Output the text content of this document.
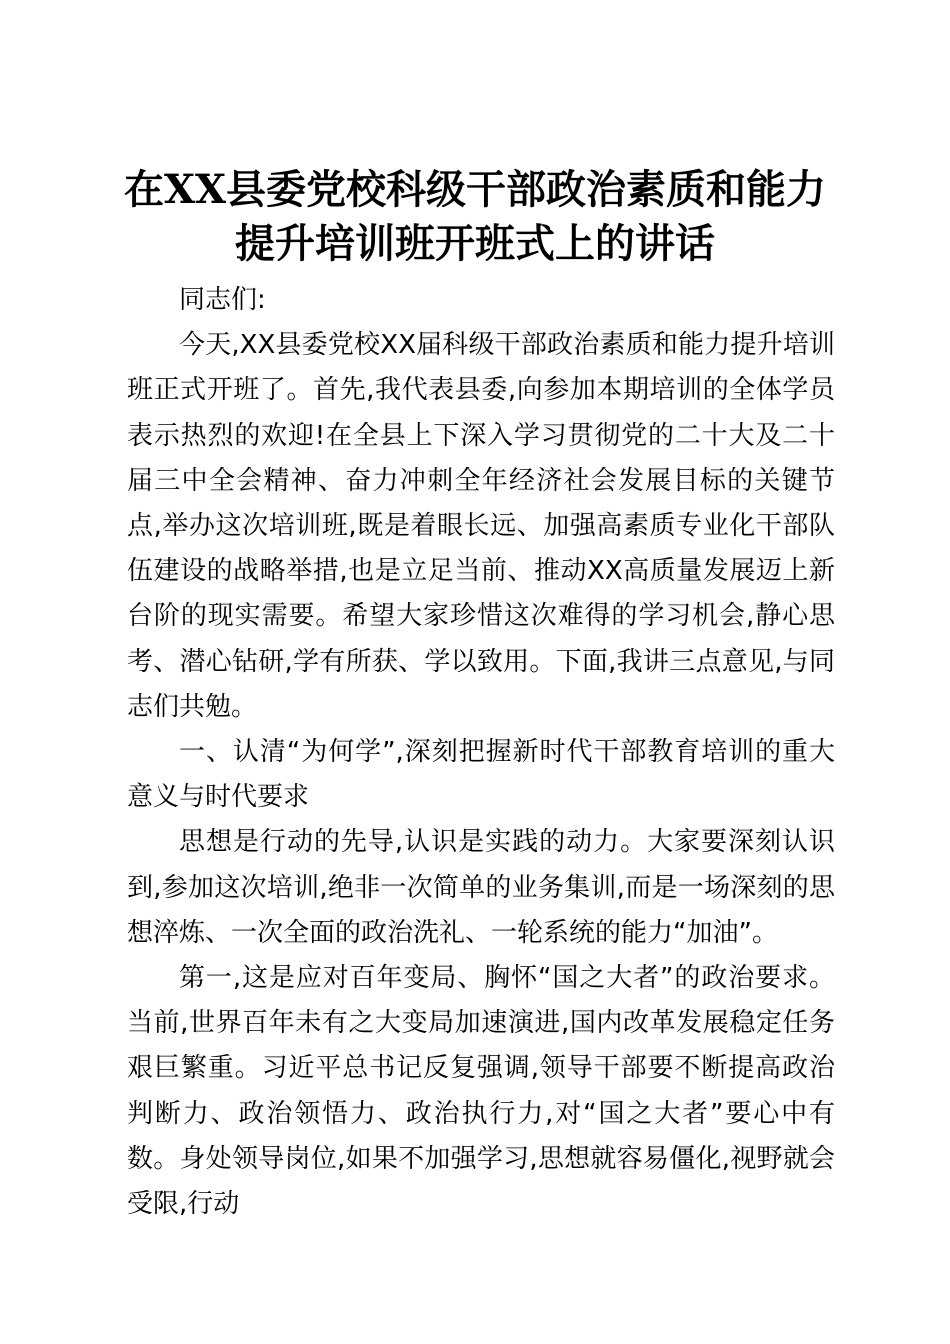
在XX县委党校科级干部政治素质和能力提升培训班开班式上的讲话

同志们:

今天,XX县委党校XX届科级干部政治素质和能力提升培训班正式开班了。首先,我代表县委,向参加本期培训的全体学员表示热烈的欢迎!在全县上下深入学习贯彻党的二十大及二十届三中全会精神、奋力冲刺全年经济社会发展目标的关键节点,举办这次培训班,既是着眼长远、加强高素质专业化干部队伍建设的战略举措,也是立足当前、推动XX高质量发展迈上新台阶的现实需要。希望大家珍惜这次难得的学习机会,静心思考、潜心钻研,学有所获、学以致用。下面,我讲三点意见,与同志们共勉。

一、认清“为何学”,深刻把握新时代干部教育培训的重大意义与时代要求

思想是行动的先导,认识是实践的动力。大家要深刻认识到,参加这次培训,绝非一次简单的业务集训,而是一场深刻的思想淬炼、一次全面的政治洗礼、一轮系统的能力“加油”。

第一,这是应对百年变局、胸怀“国之大者”的政治要求。当前,世界百年未有之大变局加速演进,国内改革发展稳定任务艰巨繁重。习近平总书记反复强调,领导干部要不断提高政治判断力、政治领悟力、政治执行力,对“国之大者”要心中有数。身处领导岗位,如果不加强学习,思想就容易僵化,视野就会受限,行动
